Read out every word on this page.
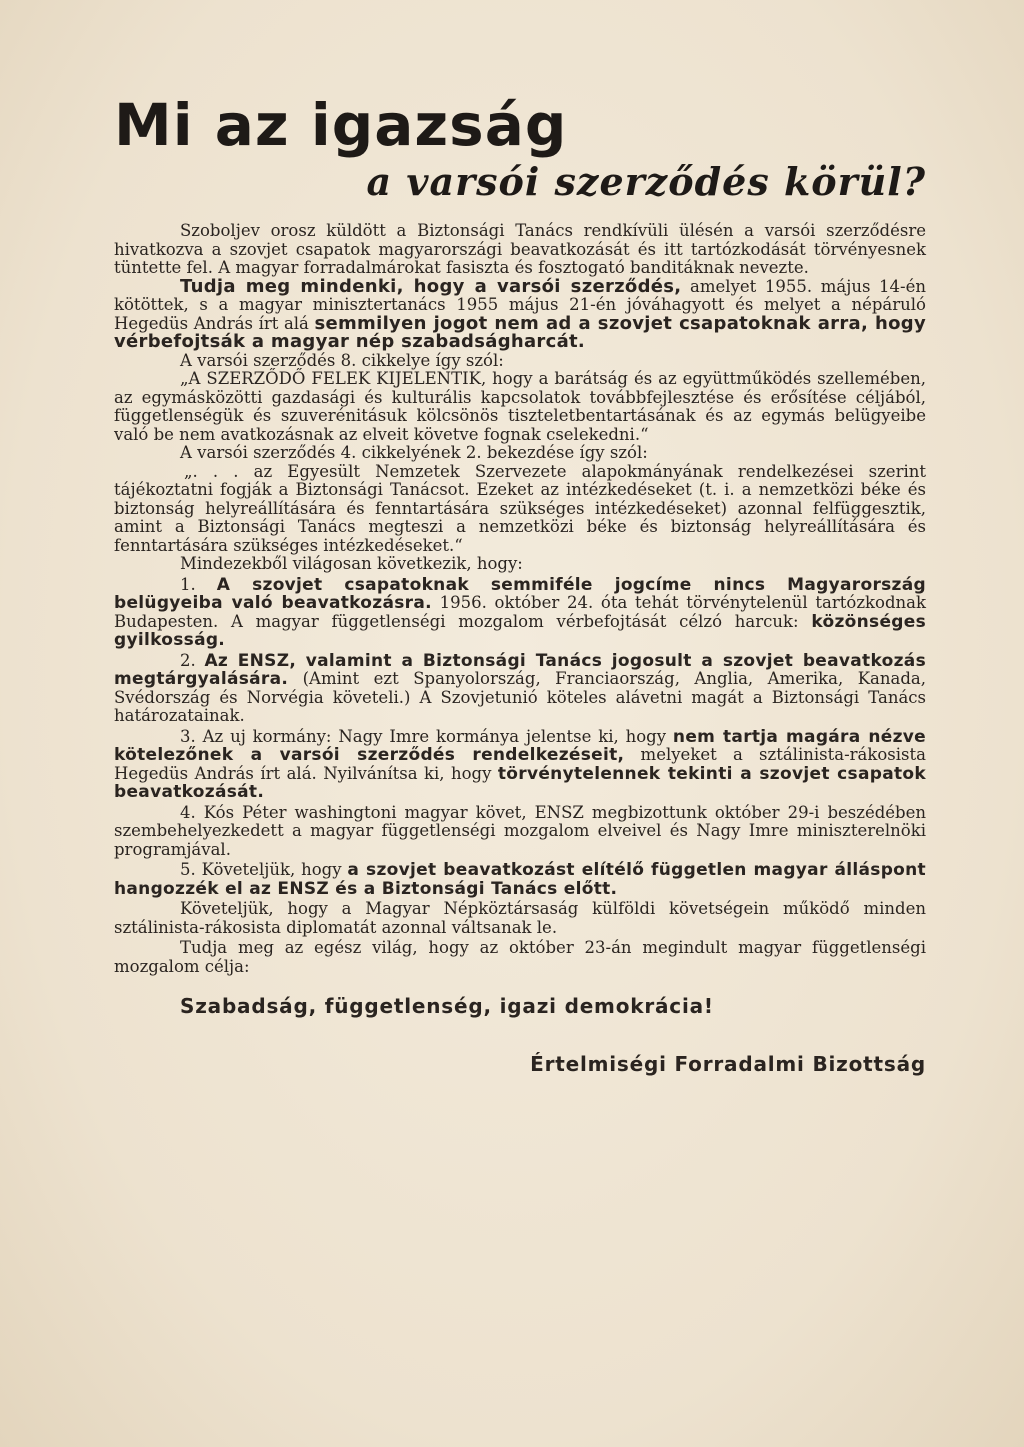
Mi az igazság
a varsói szerződés körül?

Szoboljev orosz küldött a Biztonsági Tanács rendkívüli ülésén a varsói szerződésre hivatkozva a szovjet csapatok magyarországi beavatkozását és itt tartózkodását törvényesnek tüntette fel. A magyar forradalmárokat fasiszta és fosztogató banditáknak nevezte.

Tudja meg mindenki, hogy a varsói szerződés, amelyet 1955. május 14-én kötöttek, s a magyar minisztertanács 1955 május 21-én jóváhagyott és melyet a népáruló Hegedüs András írt alá semmilyen jogot nem ad a szovjet csapatoknak arra, hogy vérbefojtsák a magyar nép szabadságharcát.

A varsói szerződés 8. cikkelye így szól:

„A SZERZŐDŐ FELEK KIJELENTIK, hogy a barátság és az együttműködés szellemében, az egymásközötti gazdasági és kulturális kapcsolatok továbbfejlesztése és erősítése céljából, függetlenségük és szuverénitásuk kölcsönös tiszteletbentartásának és az egymás belügyeibe való be nem avatkozásnak az elveit követve fognak cselekedni.“

A varsói szerződés 4. cikkelyének 2. bekezdése így szól:

„. . . az Egyesült Nemzetek Szervezete alapokmányának rendelkezései szerint tájékoztatni fogják a Biztonsági Tanácsot. Ezeket az intézkedéseket (t. i. a nemzetközi béke és biztonság helyreállítására és fenntartására szükséges intézkedéseket) azonnal felfüggesztik, amint a Biztonsági Tanács megteszi a nemzetközi béke és biztonság helyreállítására és fenntartására szükséges intézkedéseket.“

Mindezekből világosan következik, hogy:

1. A szovjet csapatoknak semmiféle jogcíme nincs Magyarország belügyeiba való beavatkozásra. 1956. október 24. óta tehát törvénytelenül tartózkodnak Budapesten. A magyar függetlenségi mozgalom vérbefojtását célzó harcuk: közönséges gyilkosság.

2. Az ENSZ, valamint a Biztonsági Tanács jogosult a szovjet beavatkozás megtárgyalására. (Amint ezt Spanyolország, Franciaország, Anglia, Amerika, Kanada, Svédország és Norvégia követeli.) A Szovjetunió köteles alávetni magát a Biztonsági Tanács határozatainak.

3. Az uj kormány: Nagy Imre kormánya jelentse ki, hogy nem tartja magára nézve kötelezőnek a varsói szerződés rendelkezéseit, melyeket a sztálinista-rákosista Hegedüs András írt alá. Nyilvánítsa ki, hogy törvénytelennek tekinti a szovjet csapatok beavatkozását.

4. Kós Péter washingtoni magyar követ, ENSZ megbizottunk október 29-i beszédében szembehelyezkedett a magyar függetlenségi mozgalom elveivel és Nagy Imre miniszterelnöki programjával.

5. Követeljük, hogy a szovjet beavatkozást elítélő független magyar álláspont hangozzék el az ENSZ és a Biztonsági Tanács előtt.

Követeljük, hogy a Magyar Népköztársaság külföldi követségein működő minden sztálinista-rákosista diplomatát azonnal váltsanak le.

Tudja meg az egész világ, hogy az október 23-án megindult magyar függetlenségi mozgalom célja:

Szabadság, függetlenség, igazi demokrácia!
Értelmiségi Forradalmi Bizottság
